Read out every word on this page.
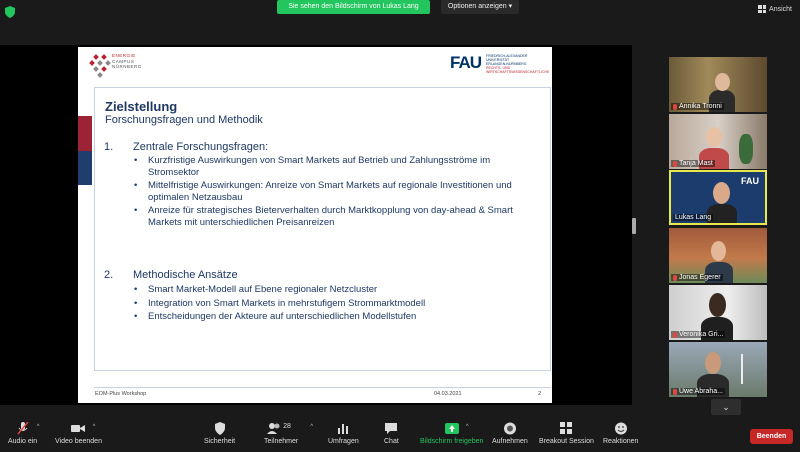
Sie sehen den Bildschirm von Lukas Lang	Optionen anzeigen ▾	Ansicht
ENERGIE
CAMPUS
NÜRNBERG	FAU FRIEDRICH-ALEXANDER
UNIVERSITÄT
ERLANGEN-NÜRNBERG
RECHTS- UND
WIRTSCHAFTSWISSENSCHAFTLICHE
Zielstellung
Forschungsfragen und Methodik
1. Zentrale Forschungsfragen:
• Kurzfristige Auswirkungen von Smart Markets auf Betrieb und Zahlungsströme im Stromsektor
• Mittelfristige Auswirkungen: Anreize von Smart Markets auf regionale Investitionen und optimalen Netzausbau
• Anreize für strategisches Bieterverhalten durch Marktkopplung von day-ahead & Smart Markets mit unterschiedlichen Preisanreizen
2. Methodische Ansätze
• Smart Market-Modell auf Ebene regionaler Netzcluster
• Integration von Smart Markets in mehrstufigem Strommarktmodell
• Entscheidungen der Akteure auf unterschiedlichen Modellstufen
EOM-Plus Workshop	04.03.2021	2
Annika Tronni
Tanja Mast
FAU
Lukas Lang
Jonas Egerer
Veronika Gri...
Uwe Abraha...
⌄
^
Audio ein
^
Video beenden	Sicherheit
28	^
Teilnehmer	Umfragen	Chat
^
Bildschirm freigeben Aufnehmen Breakout Session Reaktionen
Beenden
